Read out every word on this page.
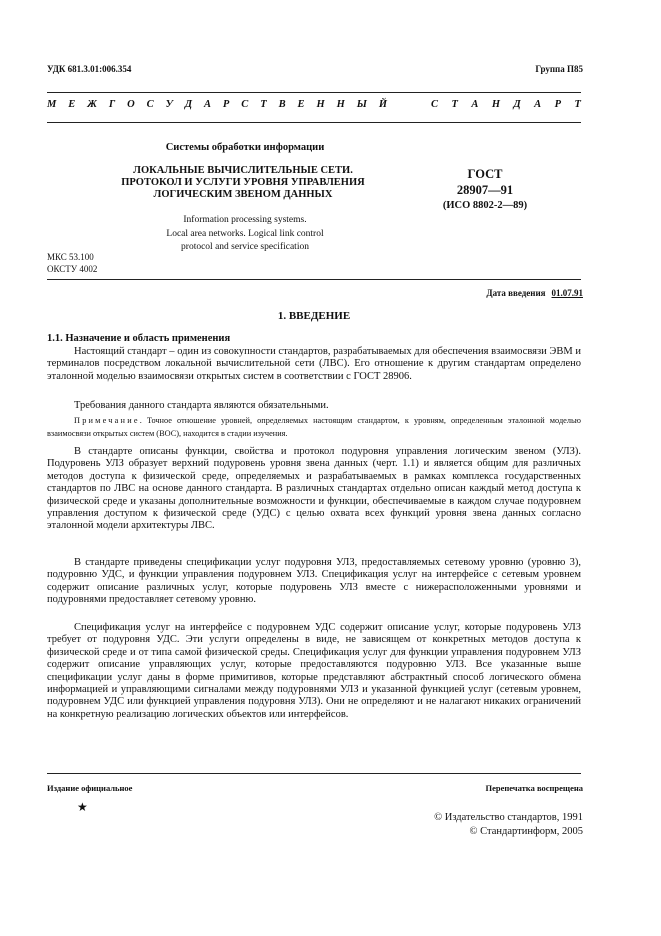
УДК 681.3.01:006.354	Группа П85
М Е Ж Г О С У Д А Р С Т В Е Н Н Ы Й	С Т А Н Д А Р Т
Системы обработки информации
ЛОКАЛЬНЫЕ ВЫЧИСЛИТЕЛЬНЫЕ СЕТИ.
ПРОТОКОЛ И УСЛУГИ УРОВНЯ УПРАВЛЕНИЯ
ЛОГИЧЕСКИМ ЗВЕНОМ ДАННЫХ
ГОСТ
28907—91
(ИСО 8802-2—89)
Information processing systems.
Local area networks. Logical link control
protocol and service specification
МКС 53.100
ОКСТУ 4002
Дата введения 01.07.91
1. ВВЕДЕНИЕ
1.1. Назначение и область применения
Настоящий стандарт – один из совокупности стандартов, разрабатываемых для обеспечения взаимосвязи ЭВМ и терминалов посредством локальной вычислительной сети (ЛВС). Его отношение к другим стандартам определено эталонной моделью взаимосвязи открытых систем в соответствии с ГОСТ 28906.
Требования данного стандарта являются обязательными.
Примечание. Точное отношение уровней, определяемых настоящим стандартом, к уровням, определенным эталонной моделью взаимосвязи открытых систем (ВОС), находится в стадии изучения.
В стандарте описаны функции, свойства и протокол подуровня управления логическим звеном (УЛЗ). Подуровень УЛЗ образует верхний подуровень уровня звена данных (черт. 1.1) и является общим для различных методов доступа к физической среде, определяемых и разрабатываемых в рамках комплекса государственных стандартов по ЛВС на основе данного стандарта. В различных стандартах отдельно описан каждый метод доступа к физической среде и указаны дополнительные возможности и функции, обеспечиваемые в каждом случае подуровнем управления доступом к физической среде (УДС) с целью охвата всех функций уровня звена данных согласно эталонной модели архитектуры ЛВС.
В стандарте приведены спецификации услуг подуровня УЛЗ, предоставляемых сетевому уровню (уровню 3), подуровню УДС, и функции управления подуровнем УЛЗ. Спецификация услуг на интерфейсе с сетевым уровнем содержит описание различных услуг, которые подуровень УЛЗ вместе с нижерасположенными уровнями и подуровнями предоставляет сетевому уровню.
Спецификация услуг на интерфейсе с подуровнем УДС содержит описание услуг, которые подуровень УЛЗ требует от подуровня УДС. Эти услуги определены в виде, не зависящем от конкретных методов доступа к физической среде и от типа самой физической среды. Спецификация услуг для функции управления подуровнем УЛЗ содержит описание управляющих услуг, которые предоставляются подуровню УЛЗ. Все указанные выше спецификации услуг даны в форме примитивов, которые представляют абстрактный способ логического обмена информацией и управляющими сигналами между подуровнями УЛЗ и указанной функцией услуг (сетевым уровнем, подуровнем УДС или функцией управления подуровня УЛЗ). Они не определяют и не налагают никаких ограничений на конкретную реализацию логических объектов или интерфейсов.
Издание официальное	Перепечатка воспрещена
★
© Издательство стандартов, 1991
© Стандартинформ, 2005
